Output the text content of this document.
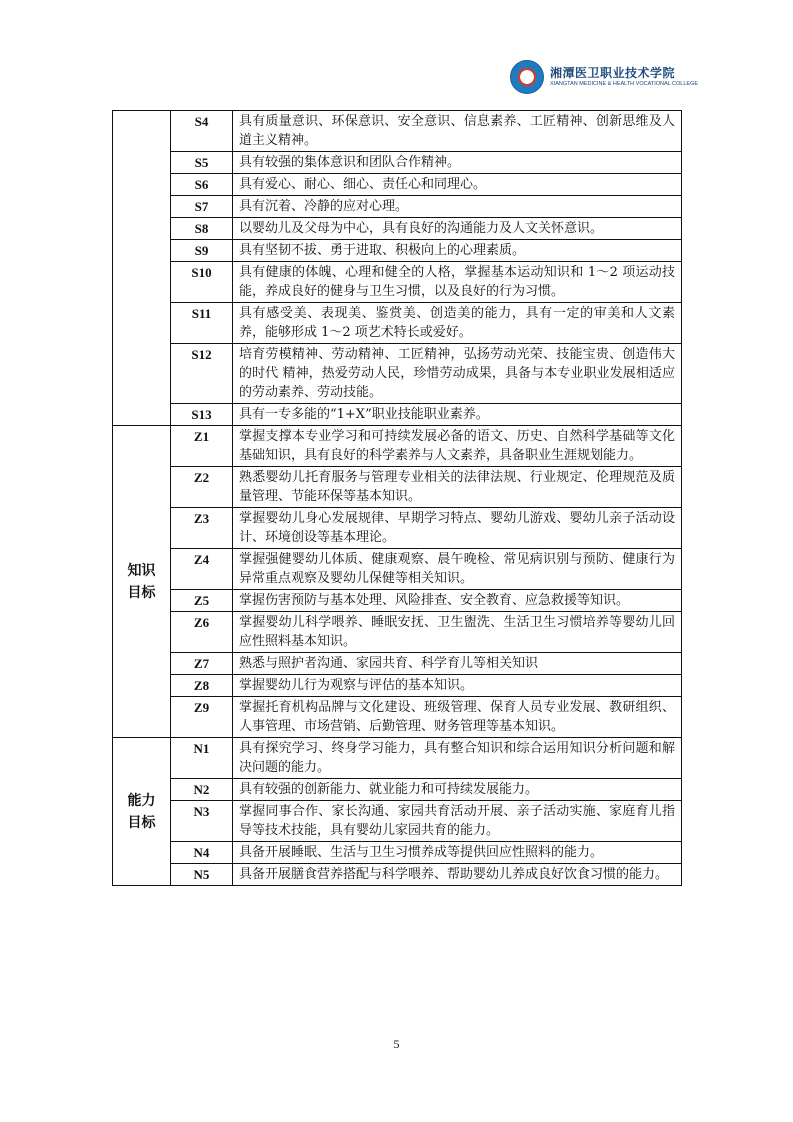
湘潭医卫职业技术学院
XIANGTAN MEDICINE & HEALTH VOCATIONAL COLLEGE
	S4	具有质量意识、环保意识、安全意识、信息素养、工匠精神、创新思维及人道主义精神。
	S5	具有较强的集体意识和团队合作精神。
	S6	具有爱心、耐心、细心、责任心和同理心。
	S7	具有沉着、冷静的应对心理。
	S8	以婴幼儿及父母为中心，具有良好的沟通能力及人文关怀意识。
	S9	具有坚韧不拔、勇于进取、积极向上的心理素质。
	S10	具有健康的体魄、心理和健全的人格，掌握基本运动知识和 1～2 项运动技能，养成良好的健身与卫生习惯，以及良好的行为习惯。
	S11	具有感受美、表现美、鉴赏美、创造美的能力，具有一定的审美和人文素养，能够形成 1～2 项艺术特长或爱好。
	S12	培育劳模精神、劳动精神、工匠精神，弘扬劳动光荣、技能宝贵、创造伟大的时代 精神，热爱劳动人民，珍惜劳动成果，具备与本专业职业发展相适应的劳动素养、劳动技能。
	S13	具有一专多能的“1+X”职业技能职业素养。
知识
目标	Z1	掌握支撑本专业学习和可持续发展必备的语文、历史、自然科学基础等文化基础知识，具有良好的科学素养与人文素养，具备职业生涯规划能力。
	Z2	熟悉婴幼儿托育服务与管理专业相关的法律法规、行业规定、伦理规范及质量管理、节能环保等基本知识。
	Z3	掌握婴幼儿身心发展规律、早期学习特点、婴幼儿游戏、婴幼儿亲子活动设计、环境创设等基本理论。
	Z4	掌握强健婴幼儿体质、健康观察、晨午晚检、常见病识别与预防、健康行为异常重点观察及婴幼儿保健等相关知识。
	Z5	掌握伤害预防与基本处理、风险排查、安全教育、应急救援等知识。
	Z6	掌握婴幼儿科学喂养、睡眠安抚、卫生盥洗、生活卫生习惯培养等婴幼儿回应性照料基本知识。
	Z7	熟悉与照护者沟通、家园共育、科学育儿等相关知识
	Z8	掌握婴幼儿行为观察与评估的基本知识。
	Z9	掌握托育机构品牌与文化建设、班级管理、保育人员专业发展、教研组织、人事管理、市场营销、后勤管理、财务管理等基本知识。
能力
目标	N1	具有探究学习、终身学习能力，具有整合知识和综合运用知识分析问题和解决问题的能力。
	N2	具有较强的创新能力、就业能力和可持续发展能力。
	N3	掌握同事合作、家长沟通、家园共育活动开展、亲子活动实施、家庭育儿指导等技术技能，具有婴幼儿家园共育的能力。
	N4	具备开展睡眠、生活与卫生习惯养成等提供回应性照料的能力。
	N5	具备开展膳食营养搭配与科学喂养、帮助婴幼儿养成良好饮食习惯的能力。
5
